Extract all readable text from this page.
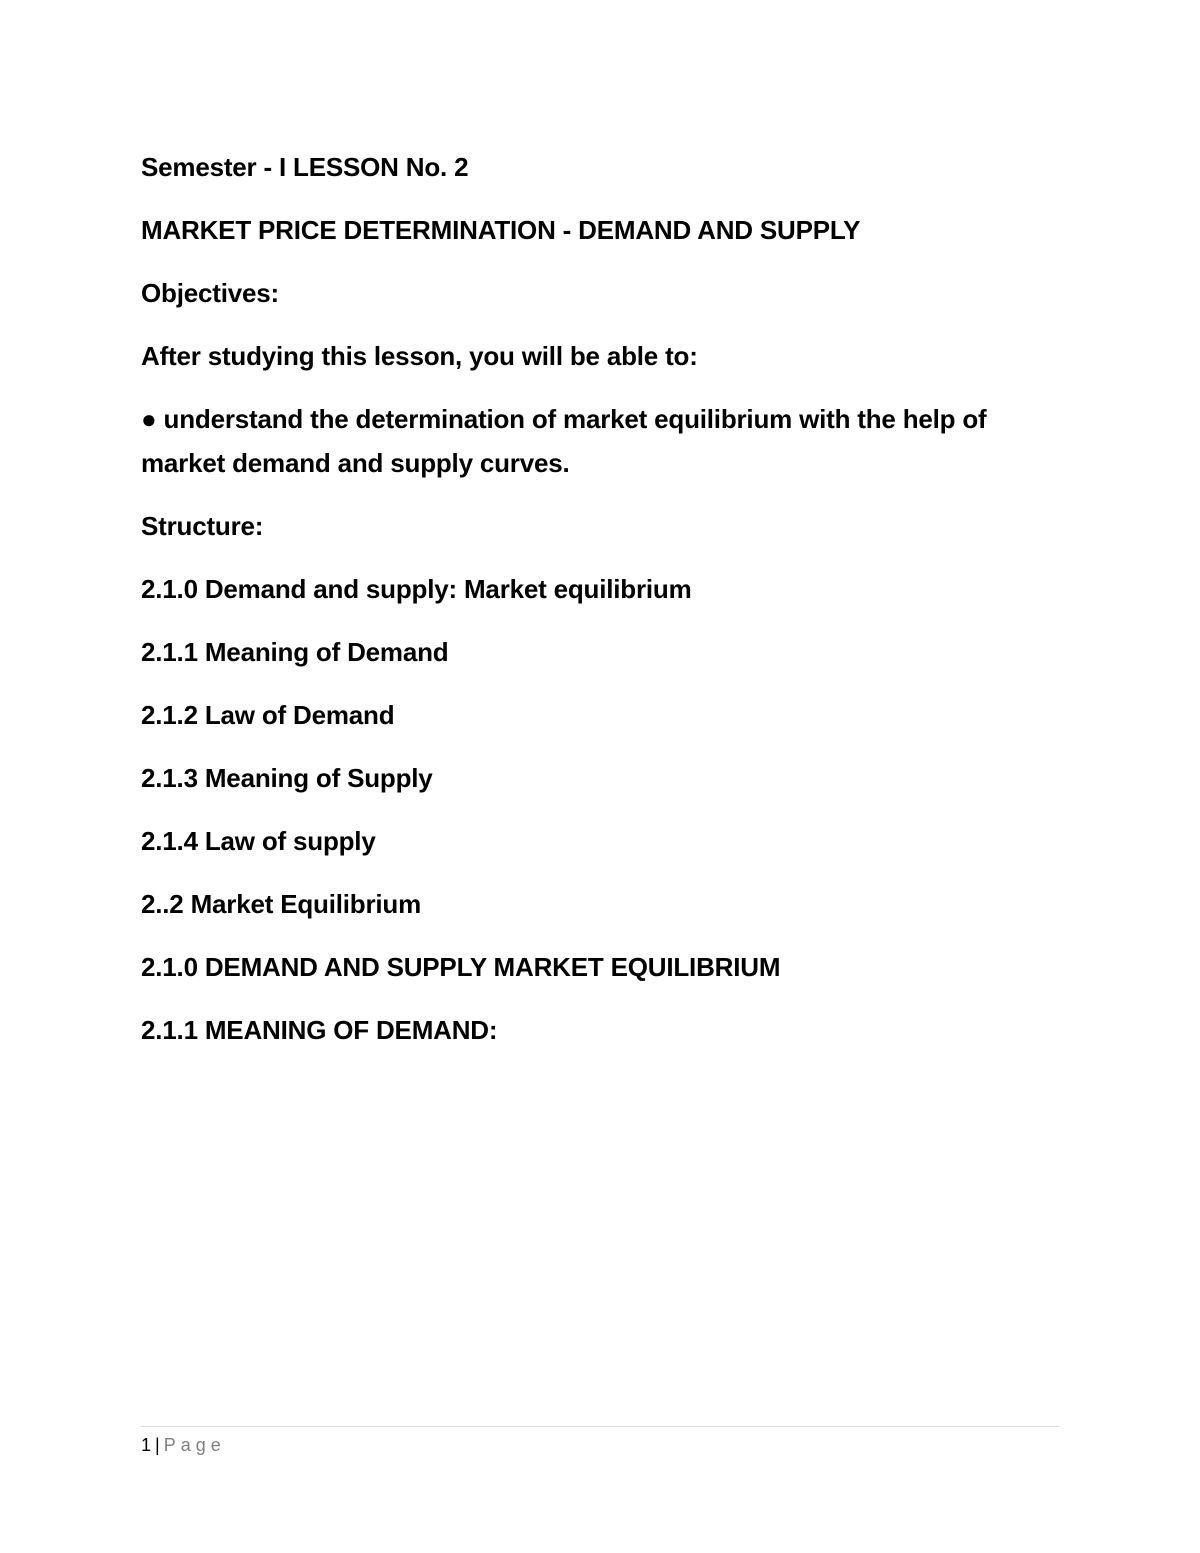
Semester - I LESSON No. 2

MARKET PRICE DETERMINATION - DEMAND AND SUPPLY

Objectives:

After studying this lesson, you will be able to:

● understand the determination of market equilibrium with the help of market demand and supply curves.

Structure:

2.1.0 Demand and supply: Market equilibrium

2.1.1 Meaning of Demand

2.1.2 Law of Demand

2.1.3 Meaning of Supply

2.1.4 Law of supply

2..2 Market Equilibrium

2.1.0 DEMAND AND SUPPLY MARKET EQUILIBRIUM

2.1.1 MEANING OF DEMAND:

1 | Page
